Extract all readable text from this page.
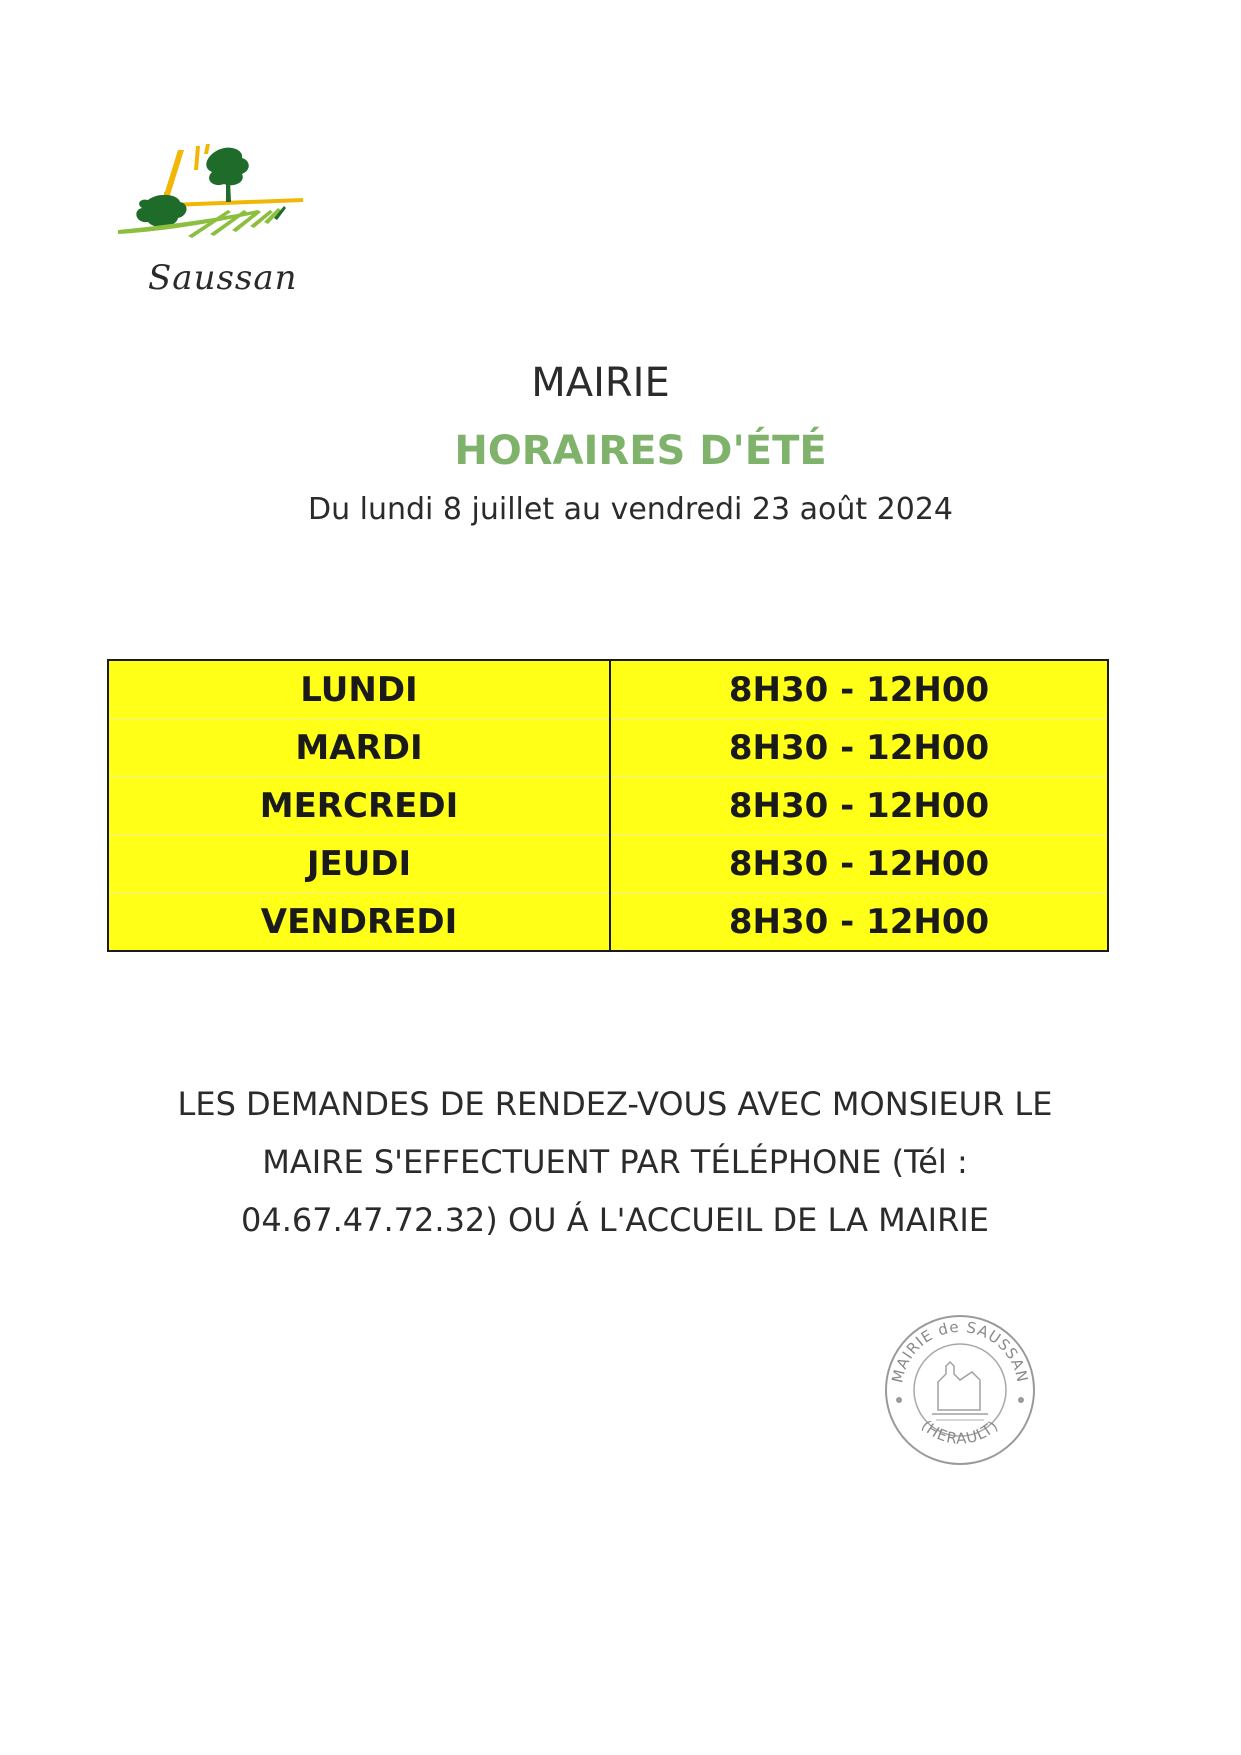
Saussan
MAIRIE
HORAIRES D'ÉTÉ
Du lundi 8 juillet au vendredi 23 août 2024
LUNDI	8H30 - 12H00
MARDI	8H30 - 12H00
MERCREDI	8H30 - 12H00
JEUDI	8H30 - 12H00
VENDREDI	8H30 - 12H00
LES DEMANDES DE RENDEZ-VOUS AVEC MONSIEUR LE
MAIRE S'EFFECTUENT PAR TÉLÉPHONE (Tél :
04.67.47.72.32) OU Á L'ACCUEIL DE LA MAIRIE
MAIRIE de SAUSSAN
(HERAULT)
